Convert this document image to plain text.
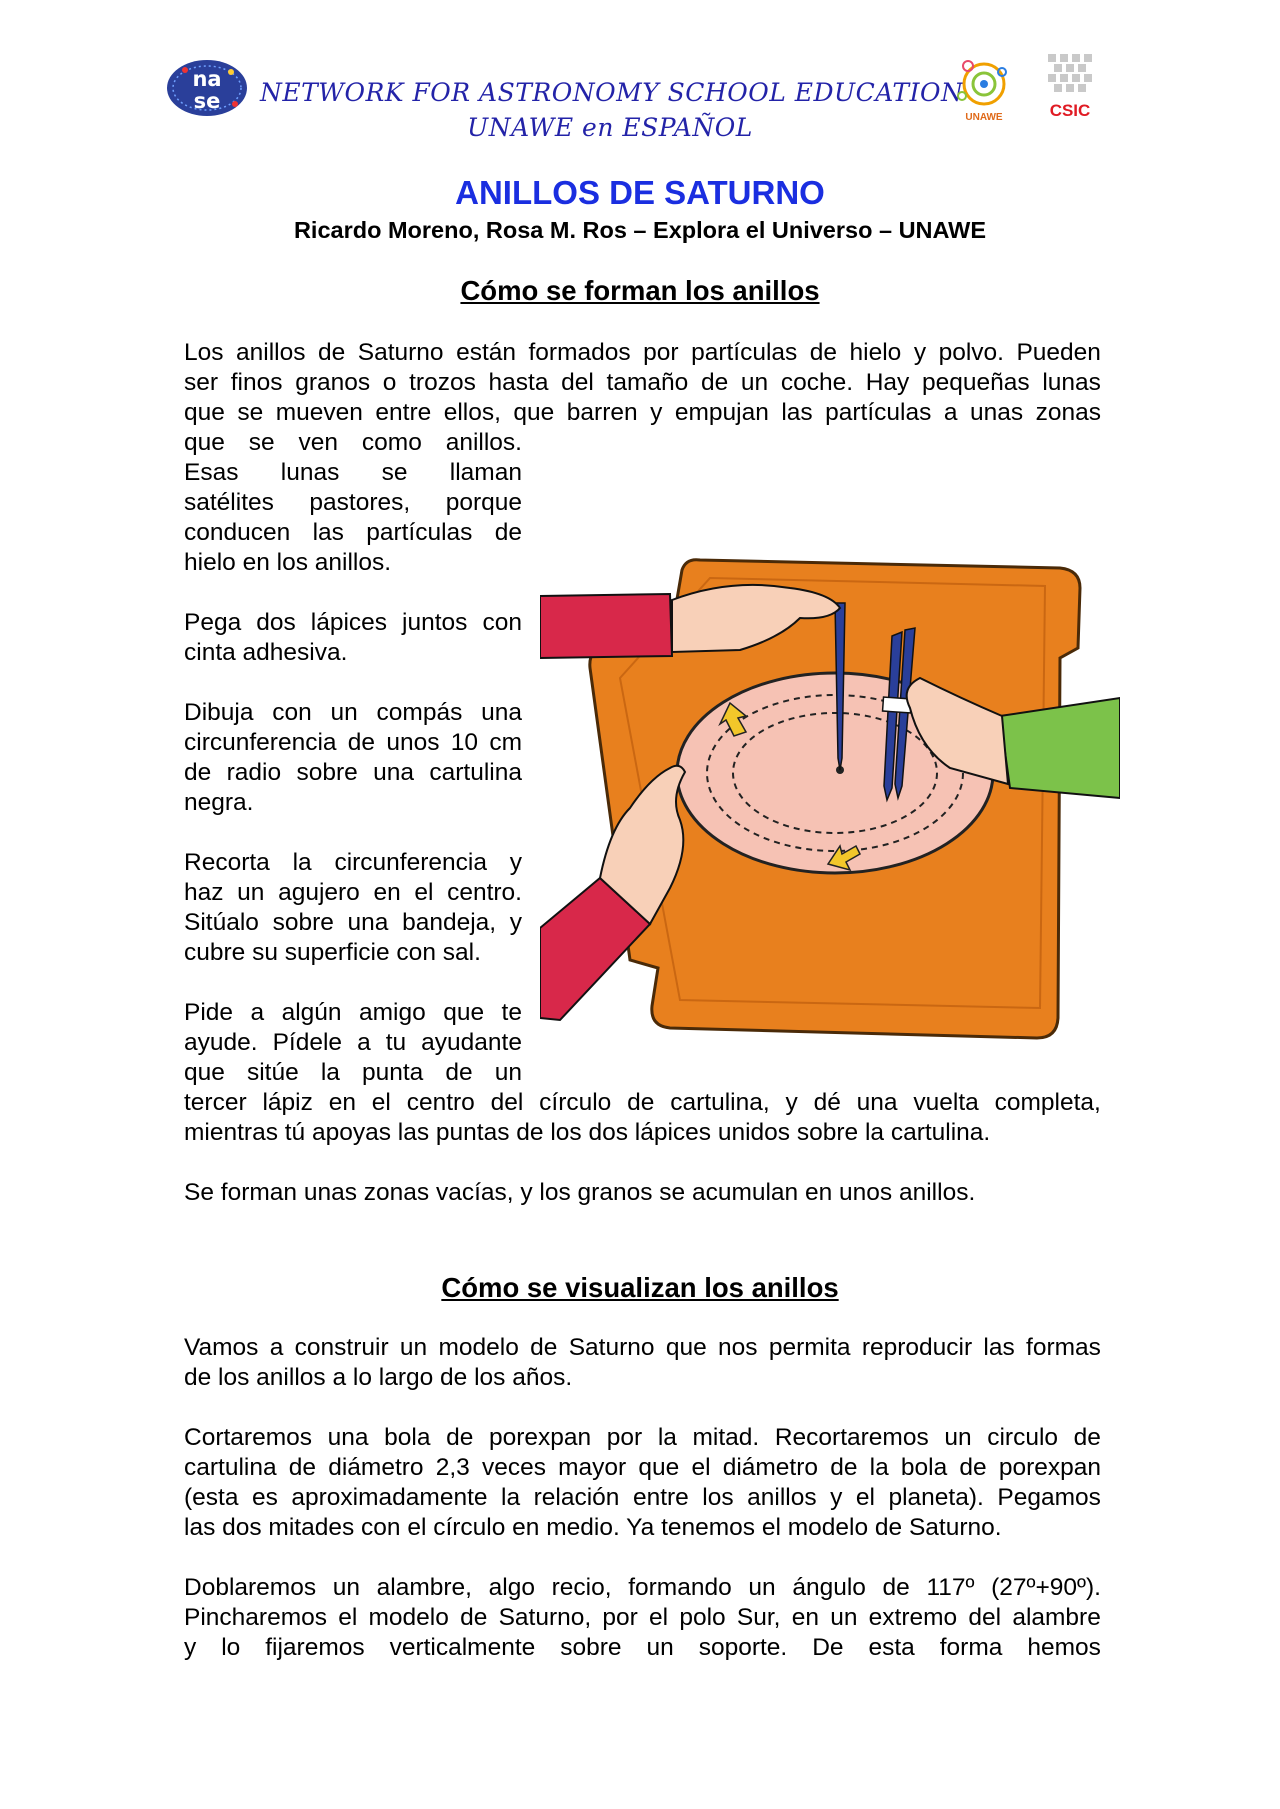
na
se NETWORK FOR ASTRONOMY SCHOOL EDUCATION
UNAWE en ESPAÑOL	UNAWE	CSIC
ANILLOS DE SATURNO
Ricardo Moreno, Rosa M. Ros – Explora el Universo – UNAWE
Cómo se forman los anillos
Los anillos de Saturno están formados por partículas de hielo y polvo. Pueden
ser finos granos o trozos hasta del tamaño de un coche. Hay pequeñas lunas
que se mueven entre ellos, que barren y empujan las partículas a unas zonas
que se ven como anillos.
Esas lunas se llaman
satélites pastores, porque
conducen las partículas de
hielo en los anillos.
Pega dos lápices juntos con
cinta adhesiva.
Dibuja con un compás una
circunferencia de unos 10 cm
de radio sobre una cartulina
negra.
Recorta la circunferencia y
haz un agujero en el centro.
Sitúalo sobre una bandeja, y
cubre su superficie con sal.
Pide a algún amigo que te
ayude. Pídele a tu ayudante
que sitúe la punta de un
tercer lápiz en el centro del círculo de cartulina, y dé una vuelta completa,
mientras tú apoyas las puntas de los dos lápices unidos sobre la cartulina.
Se forman unas zonas vacías, y los granos se acumulan en unos anillos.
Cómo se visualizan los anillos
Vamos a construir un modelo de Saturno que nos permita reproducir las formas
de los anillos a lo largo de los años.
Cortaremos una bola de porexpan por la mitad. Recortaremos un circulo de
cartulina de diámetro 2,3 veces mayor que el diámetro de la bola de porexpan
(esta es aproximadamente la relación entre los anillos y el planeta). Pegamos
las dos mitades con el círculo en medio. Ya tenemos el modelo de Saturno.
Doblaremos un alambre, algo recio, formando un ángulo de 117º (27º+90º).
Pincharemos el modelo de Saturno, por el polo Sur, en un extremo del alambre
y lo fijaremos verticalmente sobre un soporte. De esta forma hemos
